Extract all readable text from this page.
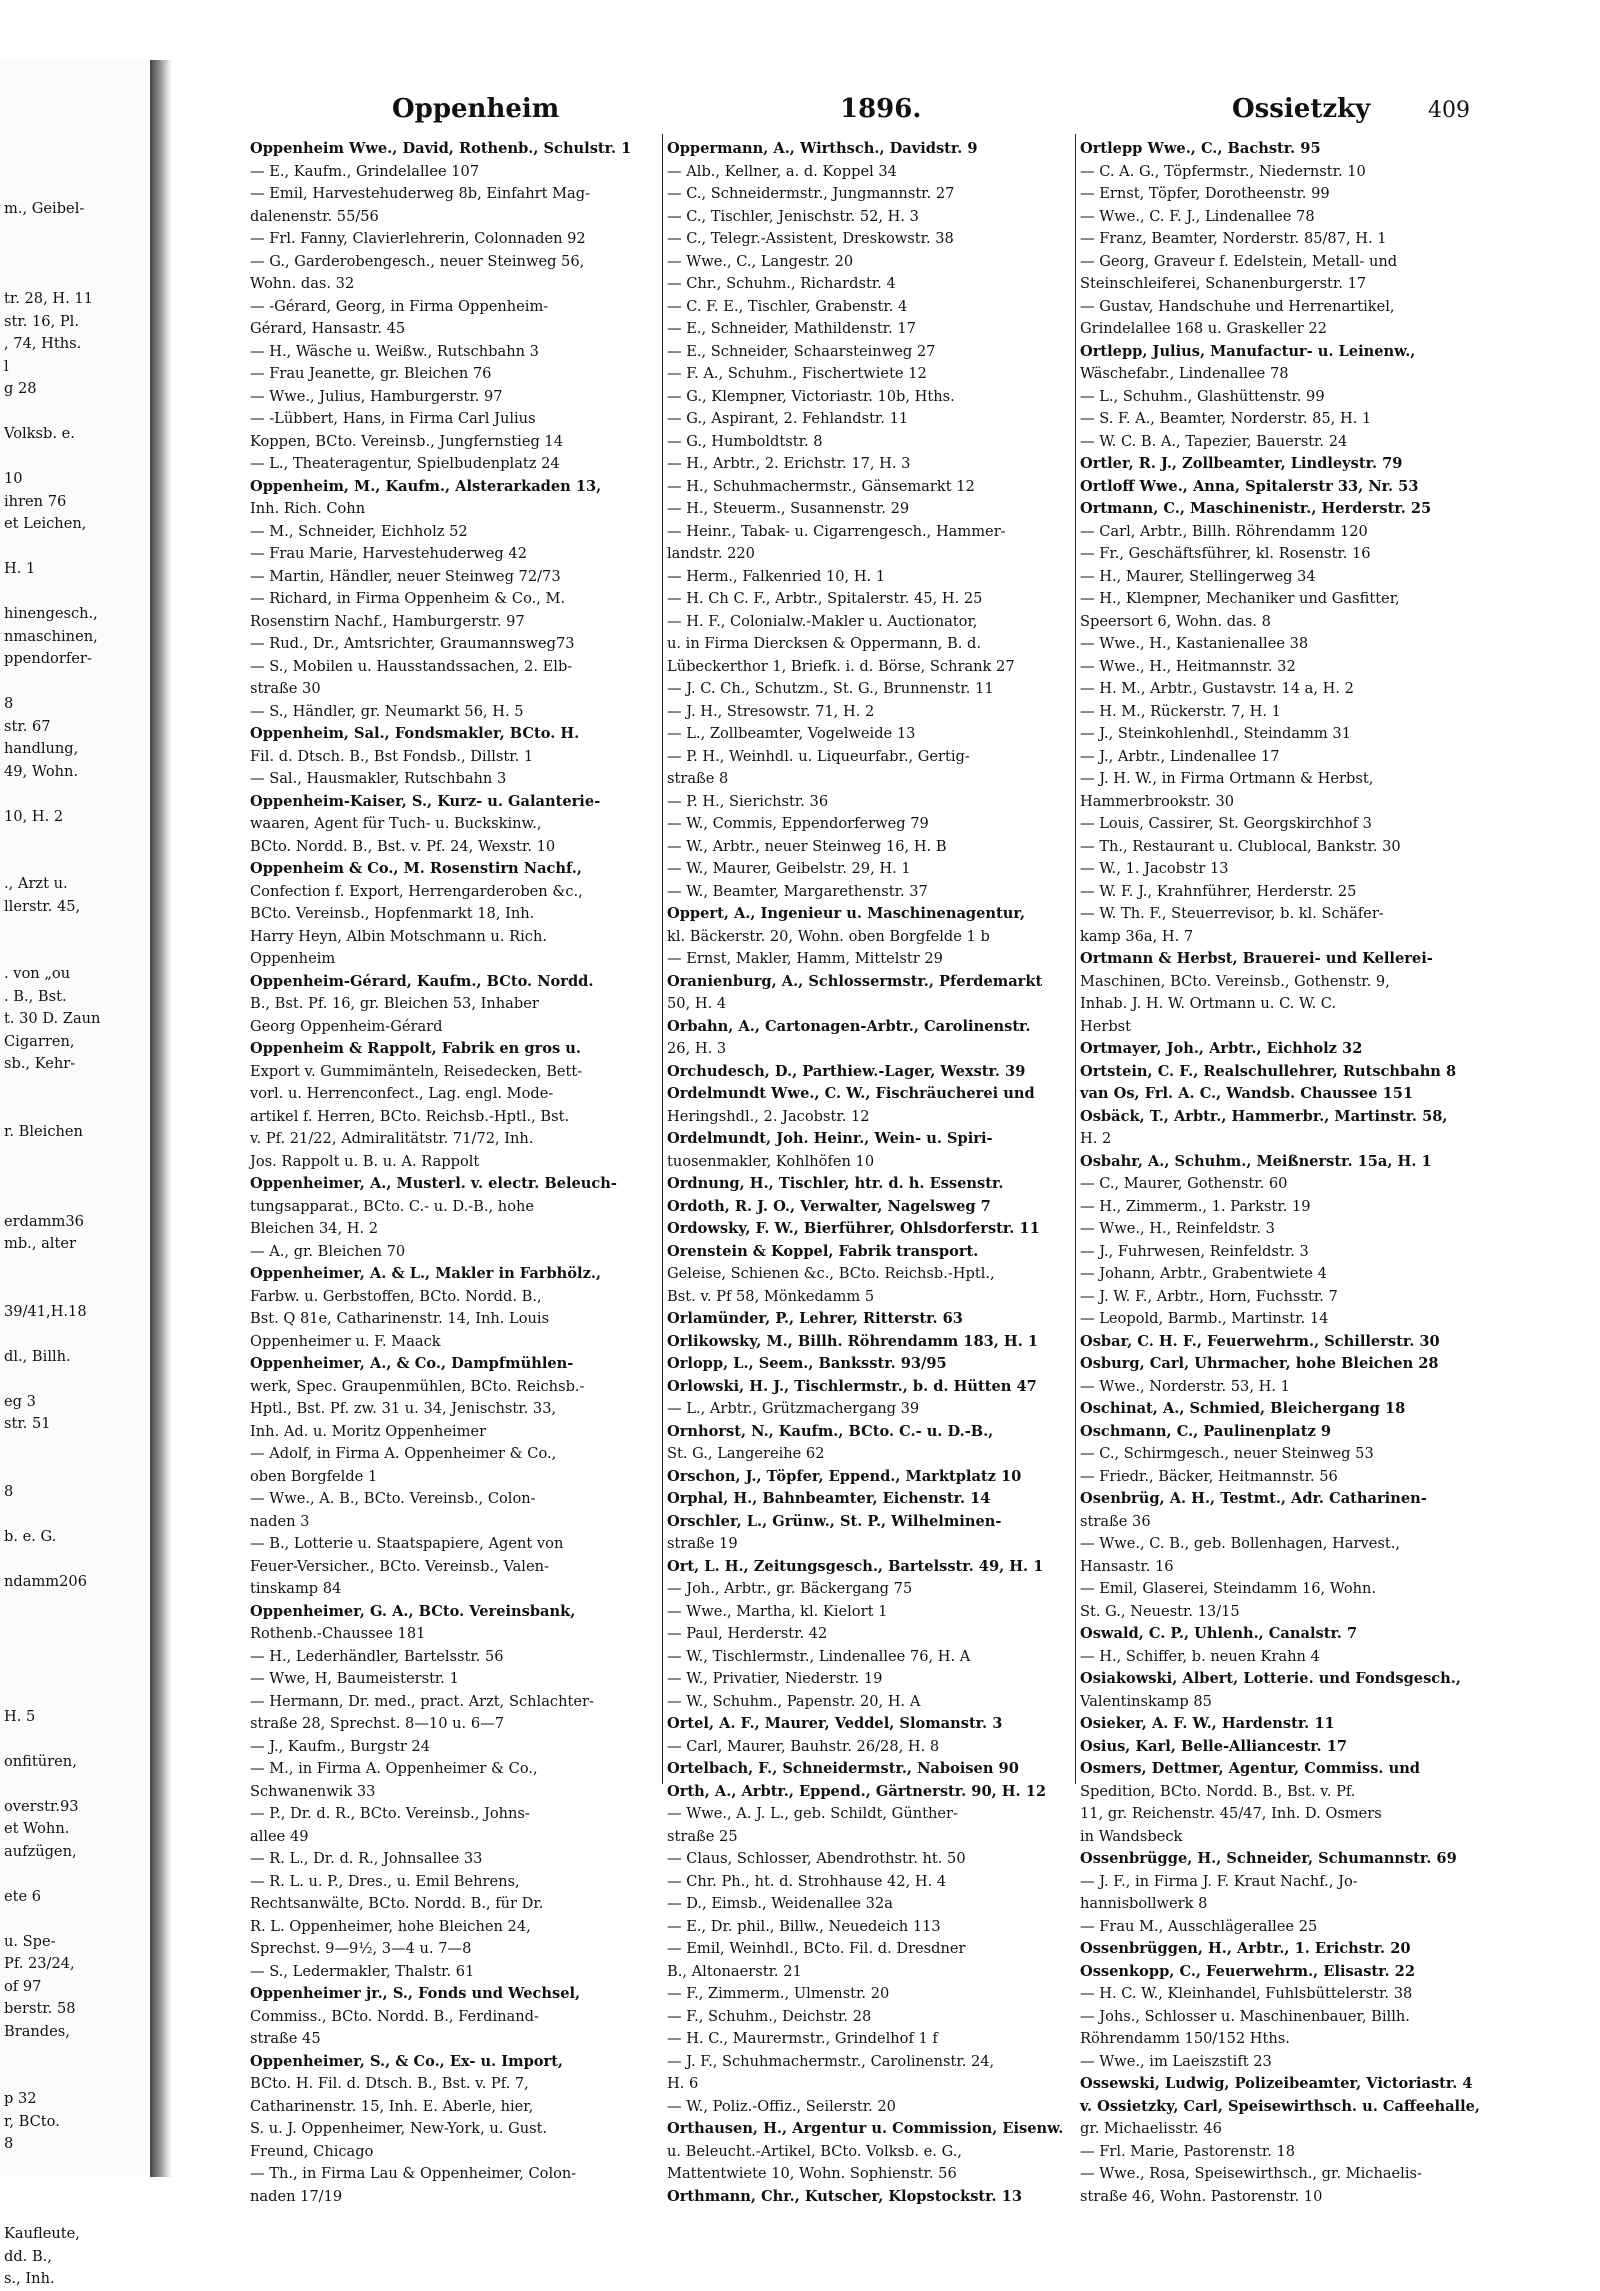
m., Geibel-
tr. 28, H. 11
str. 16, Pl.
, 74, Hths.
l
g 28
Volksb. e.
10
ihren 76
et Leichen,
H. 1
hinengesch.,
nmaschinen,
ppendorfer-
8
str. 67
handlung,
49, Wohn.
10, H. 2
., Arzt u.
llerstr. 45,
. von „ou
. B., Bst.
t. 30 D. Zaun
Cigarren,
sb., Kehr-
r. Bleichen
erdamm36
mb., alter
39/41,H.18
dl., Billh.
eg 3
str. 51
8
b. e. G.
ndamm206
H. 5
onfitüren,
overstr.93
et Wohn.
aufzügen,
ete 6
u. Spe-
Pf. 23/24,
of 97
berstr. 58
Brandes,
p 32
r, BCto.
8
Kaufleute,
dd. B.,
s., Inh.
Oppenheim	1896.	Ossietzky	409
Oppenheim Wwe., David, Rothenb., Schulstr. 1
— E., Kaufm., Grindelallee 107
— Emil, Harvestehuderweg 8b, Einfahrt Mag-
dalenenstr. 55/56
— Frl. Fanny, Clavierlehrerin, Colonnaden 92
— G., Garderobengesch., neuer Steinweg 56,
Wohn. das. 32
— -Gérard, Georg, in Firma Oppenheim-
Gérard, Hansastr. 45
— H., Wäsche u. Weißw., Rutschbahn 3
— Frau Jeanette, gr. Bleichen 76
— Wwe., Julius, Hamburgerstr. 97
— -Lübbert, Hans, in Firma Carl Julius
Koppen, BCto. Vereinsb., Jungfernstieg 14
— L., Theateragentur, Spielbudenplatz 24
Oppenheim, M., Kaufm., Alsterarkaden 13,
Inh. Rich. Cohn
— M., Schneider, Eichholz 52
— Frau Marie, Harvestehuderweg 42
— Martin, Händler, neuer Steinweg 72/73
— Richard, in Firma Oppenheim & Co., M.
Rosenstirn Nachf., Hamburgerstr. 97
— Rud., Dr., Amtsrichter, Graumannsweg73
— S., Mobilen u. Hausstandssachen, 2. Elb-
straße 30
— S., Händler, gr. Neumarkt 56, H. 5
Oppenheim, Sal., Fondsmakler, BCto. H.
Fil. d. Dtsch. B., Bst Fondsb., Dillstr. 1
— Sal., Hausmakler, Rutschbahn 3
Oppenheim-Kaiser, S., Kurz- u. Galanterie-
waaren, Agent für Tuch- u. Buckskinw.,
BCto. Nordd. B., Bst. v. Pf. 24, Wexstr. 10
Oppenheim & Co., M. Rosenstirn Nachf.,
Confection f. Export, Herrengarderoben &c.,
BCto. Vereinsb., Hopfenmarkt 18, Inh.
Harry Heyn, Albin Motschmann u. Rich.
Oppenheim
Oppenheim-Gérard, Kaufm., BCto. Nordd.
B., Bst. Pf. 16, gr. Bleichen 53, Inhaber
Georg Oppenheim-Gérard
Oppenheim & Rappolt, Fabrik en gros u.
Export v. Gummimänteln, Reisedecken, Bett-
vorl. u. Herrenconfect., Lag. engl. Mode-
artikel f. Herren, BCto. Reichsb.-Hptl., Bst.
v. Pf. 21/22, Admiralitätstr. 71/72, Inh.
Jos. Rappolt u. B. u. A. Rappolt
Oppenheimer, A., Musterl. v. electr. Beleuch-
tungsapparat., BCto. C.- u. D.-B., hohe
Bleichen 34, H. 2
— A., gr. Bleichen 70
Oppenheimer, A. & L., Makler in Farbhölz.,
Farbw. u. Gerbstoffen, BCto. Nordd. B.,
Bst. Q 81e, Catharinenstr. 14, Inh. Louis
Oppenheimer u. F. Maack
Oppenheimer, A., & Co., Dampfmühlen-
werk, Spec. Graupenmühlen, BCto. Reichsb.-
Hptl., Bst. Pf. zw. 31 u. 34, Jenischstr. 33,
Inh. Ad. u. Moritz Oppenheimer
— Adolf, in Firma A. Oppenheimer & Co.,
oben Borgfelde 1
— Wwe., A. B., BCto. Vereinsb., Colon-
naden 3
— B., Lotterie u. Staatspapiere, Agent von
Feuer-Versicher., BCto. Vereinsb., Valen-
tinskamp 84
Oppenheimer, G. A., BCto. Vereinsbank,
Rothenb.-Chaussee 181
— H., Lederhändler, Bartelsstr. 56
— Wwe, H, Baumeisterstr. 1
— Hermann, Dr. med., pract. Arzt, Schlachter-
straße 28, Sprechst. 8—10 u. 6—7
— J., Kaufm., Burgstr 24
— M., in Firma A. Oppenheimer & Co.,
Schwanenwik 33
— P., Dr. d. R., BCto. Vereinsb., Johns-
allee 49
— R. L., Dr. d. R., Johnsallee 33
— R. L. u. P., Dres., u. Emil Behrens,
Rechtsanwälte, BCto. Nordd. B., für Dr.
R. L. Oppenheimer, hohe Bleichen 24,
Sprechst. 9—9½, 3—4 u. 7—8
— S., Ledermakler, Thalstr. 61
Oppenheimer jr., S., Fonds und Wechsel,
Commiss., BCto. Nordd. B., Ferdinand-
straße 45
Oppenheimer, S., & Co., Ex- u. Import,
BCto. H. Fil. d. Dtsch. B., Bst. v. Pf. 7,
Catharinenstr. 15, Inh. E. Aberle, hier,
S. u. J. Oppenheimer, New-York, u. Gust.
Freund, Chicago
— Th., in Firma Lau & Oppenheimer, Colon-
naden 17/19
Oppermann, A., Wirthsch., Davidstr. 9
— Alb., Kellner, a. d. Koppel 34
— C., Schneidermstr., Jungmannstr. 27
— C., Tischler, Jenischstr. 52, H. 3
— C., Telegr.-Assistent, Dreskowstr. 38
— Wwe., C., Langestr. 20
— Chr., Schuhm., Richardstr. 4
— C. F. E., Tischler, Grabenstr. 4
— E., Schneider, Mathildenstr. 17
— E., Schneider, Schaarsteinweg 27
— F. A., Schuhm., Fischertwiete 12
— G., Klempner, Victoriastr. 10b, Hths.
— G., Aspirant, 2. Fehlandstr. 11
— G., Humboldtstr. 8
— H., Arbtr., 2. Erichstr. 17, H. 3
— H., Schuhmachermstr., Gänsemarkt 12
— H., Steuerm., Susannenstr. 29
— Heinr., Tabak- u. Cigarrengesch., Hammer-
landstr. 220
— Herm., Falkenried 10, H. 1
— H. Ch C. F., Arbtr., Spitalerstr. 45, H. 25
— H. F., Colonialw.-Makler u. Auctionator,
u. in Firma Diercksen & Oppermann, B. d.
Lübeckerthor 1, Briefk. i. d. Börse, Schrank 27
— J. C. Ch., Schutzm., St. G., Brunnenstr. 11
— J. H., Stresowstr. 71, H. 2
— L., Zollbeamter, Vogelweide 13
— P. H., Weinhdl. u. Liqueurfabr., Gertig-
straße 8
— P. H., Sierichstr. 36
— W., Commis, Eppendorferweg 79
— W., Arbtr., neuer Steinweg 16, H. B
— W., Maurer, Geibelstr. 29, H. 1
— W., Beamter, Margarethenstr. 37
Oppert, A., Ingenieur u. Maschinenagentur,
kl. Bäckerstr. 20, Wohn. oben Borgfelde 1 b
— Ernst, Makler, Hamm, Mittelstr 29
Oranienburg, A., Schlossermstr., Pferdemarkt
50, H. 4
Orbahn, A., Cartonagen-Arbtr., Carolinenstr.
26, H. 3
Orchudesch, D., Parthiew.-Lager, Wexstr. 39
Ordelmundt Wwe., C. W., Fischräucherei und
Heringshdl., 2. Jacobstr. 12
Ordelmundt, Joh. Heinr., Wein- u. Spiri-
tuosenmakler, Kohlhöfen 10
Ordnung, H., Tischler, htr. d. h. Essenstr.
Ordoth, R. J. O., Verwalter, Nagelsweg 7
Ordowsky, F. W., Bierführer, Ohlsdorferstr. 11
Orenstein & Koppel, Fabrik transport.
Geleise, Schienen &c., BCto. Reichsb.-Hptl.,
Bst. v. Pf 58, Mönkedamm 5
Orlamünder, P., Lehrer, Ritterstr. 63
Orlikowsky, M., Billh. Röhrendamm 183, H. 1
Orlopp, L., Seem., Banksstr. 93/95
Orlowski, H. J., Tischlermstr., b. d. Hütten 47
— L., Arbtr., Grützmachergang 39
Ornhorst, N., Kaufm., BCto. C.- u. D.-B.,
St. G., Langereihe 62
Orschon, J., Töpfer, Eppend., Marktplatz 10
Orphal, H., Bahnbeamter, Eichenstr. 14
Orschler, L., Grünw., St. P., Wilhelminen-
straße 19
Ort, L. H., Zeitungsgesch., Bartelsstr. 49, H. 1
— Joh., Arbtr., gr. Bäckergang 75
— Wwe., Martha, kl. Kielort 1
— Paul, Herderstr. 42
— W., Tischlermstr., Lindenallee 76, H. A
— W., Privatier, Niederstr. 19
— W., Schuhm., Papenstr. 20, H. A
Ortel, A. F., Maurer, Veddel, Slomanstr. 3
— Carl, Maurer, Bauhstr. 26/28, H. 8
Ortelbach, F., Schneidermstr., Naboisen 90
Orth, A., Arbtr., Eppend., Gärtnerstr. 90, H. 12
— Wwe., A. J. L., geb. Schildt, Günther-
straße 25
— Claus, Schlosser, Abendrothstr. ht. 50
— Chr. Ph., ht. d. Strohhause 42, H. 4
— D., Eimsb., Weidenallee 32a
— E., Dr. phil., Billw., Neuedeich 113
— Emil, Weinhdl., BCto. Fil. d. Dresdner
B., Altonaerstr. 21
— F., Zimmerm., Ulmenstr. 20
— F., Schuhm., Deichstr. 28
— H. C., Maurermstr., Grindelhof 1 f
— J. F., Schuhmachermstr., Carolinenstr. 24,
H. 6
— W., Poliz.-Offiz., Seilerstr. 20
Orthausen, H., Argentur u. Commission, Eisenw.
u. Beleucht.-Artikel, BCto. Volksb. e. G.,
Mattentwiete 10, Wohn. Sophienstr. 56
Orthmann, Chr., Kutscher, Klopstockstr. 13
Ortlepp Wwe., C., Bachstr. 95
— C. A. G., Töpfermstr., Niedernstr. 10
— Ernst, Töpfer, Dorotheenstr. 99
— Wwe., C. F. J., Lindenallee 78
— Franz, Beamter, Norderstr. 85/87, H. 1
— Georg, Graveur f. Edelstein, Metall- und
Steinschleiferei, Schanenburgerstr. 17
— Gustav, Handschuhe und Herrenartikel,
Grindelallee 168 u. Graskeller 22
Ortlepp, Julius, Manufactur- u. Leinenw.,
Wäschefabr., Lindenallee 78
— L., Schuhm., Glashüttenstr. 99
— S. F. A., Beamter, Norderstr. 85, H. 1
— W. C. B. A., Tapezier, Bauerstr. 24
Ortler, R. J., Zollbeamter, Lindleystr. 79
Ortloff Wwe., Anna, Spitalerstr 33, Nr. 53
Ortmann, C., Maschinenistr., Herderstr. 25
— Carl, Arbtr., Billh. Röhrendamm 120
— Fr., Geschäftsführer, kl. Rosenstr. 16
— H., Maurer, Stellingerweg 34
— H., Klempner, Mechaniker und Gasfitter,
Speersort 6, Wohn. das. 8
— Wwe., H., Kastanienallee 38
— Wwe., H., Heitmannstr. 32
— H. M., Arbtr., Gustavstr. 14 a, H. 2
— H. M., Rückerstr. 7, H. 1
— J., Steinkohlenhdl., Steindamm 31
— J., Arbtr., Lindenallee 17
— J. H. W., in Firma Ortmann & Herbst,
Hammerbrookstr. 30
— Louis, Cassirer, St. Georgskirchhof 3
— Th., Restaurant u. Clublocal, Bankstr. 30
— W., 1. Jacobstr 13
— W. F. J., Krahnführer, Herderstr. 25
— W. Th. F., Steuerrevisor, b. kl. Schäfer-
kamp 36a, H. 7
Ortmann & Herbst, Brauerei- und Kellerei-
Maschinen, BCto. Vereinsb., Gothenstr. 9,
Inhab. J. H. W. Ortmann u. C. W. C.
Herbst
Ortmayer, Joh., Arbtr., Eichholz 32
Ortstein, C. F., Realschullehrer, Rutschbahn 8
van Os, Frl. A. C., Wandsb. Chaussee 151
Osbäck, T., Arbtr., Hammerbr., Martinstr. 58,
H. 2
Osbahr, A., Schuhm., Meißnerstr. 15a, H. 1
— C., Maurer, Gothenstr. 60
— H., Zimmerm., 1. Parkstr. 19
— Wwe., H., Reinfeldstr. 3
— J., Fuhrwesen, Reinfeldstr. 3
— Johann, Arbtr., Grabentwiete 4
— J. W. F., Arbtr., Horn, Fuchsstr. 7
— Leopold, Barmb., Martinstr. 14
Osbar, C. H. F., Feuerwehrm., Schillerstr. 30
Osburg, Carl, Uhrmacher, hohe Bleichen 28
— Wwe., Norderstr. 53, H. 1
Oschinat, A., Schmied, Bleichergang 18
Oschmann, C., Paulinenplatz 9
— C., Schirmgesch., neuer Steinweg 53
— Friedr., Bäcker, Heitmannstr. 56
Osenbrüg, A. H., Testmt., Adr. Catharinen-
straße 36
— Wwe., C. B., geb. Bollenhagen, Harvest.,
Hansastr. 16
— Emil, Glaserei, Steindamm 16, Wohn.
St. G., Neuestr. 13/15
Oswald, C. P., Uhlenh., Canalstr. 7
— H., Schiffer, b. neuen Krahn 4
Osiakowski, Albert, Lotterie. und Fondsgesch.,
Valentinskamp 85
Osieker, A. F. W., Hardenstr. 11
Osius, Karl, Belle-Alliancestr. 17
Osmers, Dettmer, Agentur, Commiss. und
Spedition, BCto. Nordd. B., Bst. v. Pf.
11, gr. Reichenstr. 45/47, Inh. D. Osmers
in Wandsbeck
Ossenbrügge, H., Schneider, Schumannstr. 69
— J. F., in Firma J. F. Kraut Nachf., Jo-
hannisbollwerk 8
— Frau M., Ausschlägerallee 25
Ossenbrüggen, H., Arbtr., 1. Erichstr. 20
Ossenkopp, C., Feuerwehrm., Elisastr. 22
— H. C. W., Kleinhandel, Fuhlsbüttelerstr. 38
— Johs., Schlosser u. Maschinenbauer, Billh.
Röhrendamm 150/152 Hths.
— Wwe., im Laeiszstift 23
Ossewski, Ludwig, Polizeibeamter, Victoriastr. 4
v. Ossietzky, Carl, Speisewirthsch. u. Caffeehalle,
gr. Michaelisstr. 46
— Frl. Marie, Pastorenstr. 18
— Wwe., Rosa, Speisewirthsch., gr. Michaelis-
straße 46, Wohn. Pastorenstr. 10
